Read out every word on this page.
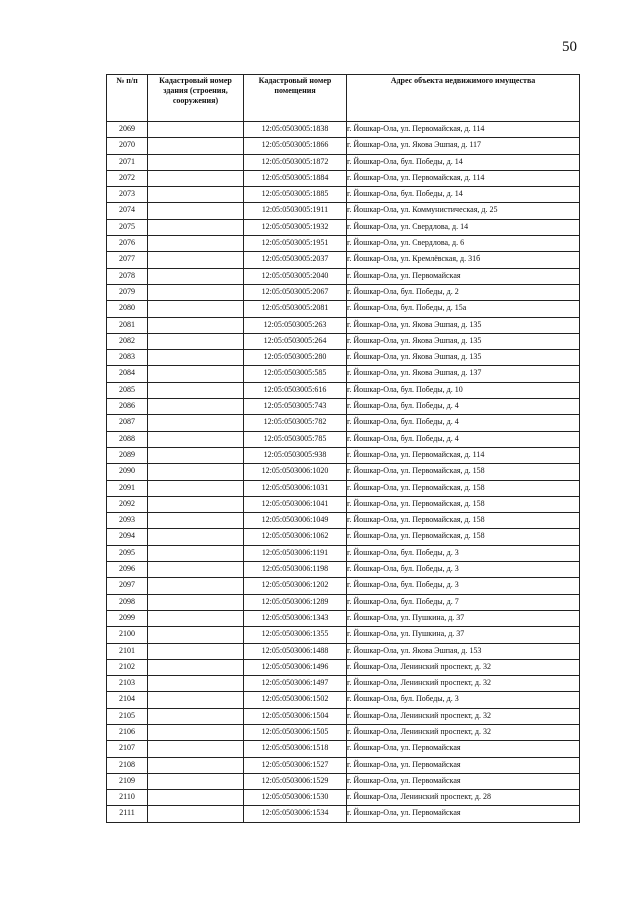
50
№ п/п	Кадастровый номер здания (строения, сооружения)	Кадастровый номер помещения	Адрес объекта недвижимого имущества
2069		12:05:0503005:1838	г. Йошкар-Ола, ул. Первомайская, д. 114
2070		12:05:0503005:1866	г. Йошкар-Ола, ул. Якова Эшпая, д. 117
2071		12:05:0503005:1872	г. Йошкар-Ола, бул. Победы, д. 14
2072		12:05:0503005:1884	г. Йошкар-Ола, ул. Первомайская, д. 114
2073		12:05:0503005:1885	г. Йошкар-Ола, бул. Победы, д. 14
2074		12:05:0503005:1911	г. Йошкар-Ола, ул. Коммунистическая, д. 25
2075		12:05:0503005:1932	г. Йошкар-Ола, ул. Свердлова, д. 14
2076		12:05:0503005:1951	г. Йошкар-Ола, ул. Свердлова, д. 6
2077		12:05:0503005:2037	г. Йошкар-Ола, ул. Кремлёвская, д. 31б
2078		12:05:0503005:2040	г. Йошкар-Ола, ул. Первомайская
2079		12:05:0503005:2067	г. Йошкар-Ола, бул. Победы, д. 2
2080		12:05:0503005:2081	г. Йошкар-Ола, бул. Победы, д. 15а
2081		12:05:0503005:263	г. Йошкар-Ола, ул. Якова Эшпая, д. 135
2082		12:05:0503005:264	г. Йошкар-Ола, ул. Якова Эшпая, д. 135
2083		12:05:0503005:280	г. Йошкар-Ола, ул. Якова Эшпая, д. 135
2084		12:05:0503005:585	г. Йошкар-Ола, ул. Якова Эшпая, д. 137
2085		12:05:0503005:616	г. Йошкар-Ола, бул. Победы, д. 10
2086		12:05:0503005:743	г. Йошкар-Ола, бул. Победы, д. 4
2087		12:05:0503005:782	г. Йошкар-Ола, бул. Победы, д. 4
2088		12:05:0503005:785	г. Йошкар-Ола, бул. Победы, д. 4
2089		12:05:0503005:938	г. Йошкар-Ола, ул. Первомайская, д. 114
2090		12:05:0503006:1020	г. Йошкар-Ола, ул. Первомайская, д. 158
2091		12:05:0503006:1031	г. Йошкар-Ола, ул. Первомайская, д. 158
2092		12:05:0503006:1041	г. Йошкар-Ола, ул. Первомайская, д. 158
2093		12:05:0503006:1049	г. Йошкар-Ола, ул. Первомайская, д. 158
2094		12:05:0503006:1062	г. Йошкар-Ола, ул. Первомайская, д. 158
2095		12:05:0503006:1191	г. Йошкар-Ола, бул. Победы, д. 3
2096		12:05:0503006:1198	г. Йошкар-Ола, бул. Победы, д. 3
2097		12:05:0503006:1202	г. Йошкар-Ола, бул. Победы, д. 3
2098		12:05:0503006:1289	г. Йошкар-Ола, бул. Победы, д. 7
2099		12:05:0503006:1343	г. Йошкар-Ола, ул. Пушкина, д. 37
2100		12:05:0503006:1355	г. Йошкар-Ола, ул. Пушкина, д. 37
2101		12:05:0503006:1488	г. Йошкар-Ола, ул. Якова Эшпая, д. 153
2102		12:05:0503006:1496	г. Йошкар-Ола, Ленинский проспект, д. 32
2103		12:05:0503006:1497	г. Йошкар-Ола, Ленинский проспект, д. 32
2104		12:05:0503006:1502	г. Йошкар-Ола, бул. Победы, д. 3
2105		12:05:0503006:1504	г. Йошкар-Ола, Ленинский проспект, д. 32
2106		12:05:0503006:1505	г. Йошкар-Ола, Ленинский проспект, д. 32
2107		12:05:0503006:1518	г. Йошкар-Ола, ул. Первомайская
2108		12:05:0503006:1527	г. Йошкар-Ола, ул. Первомайская
2109		12:05:0503006:1529	г. Йошкар-Ола, ул. Первомайская
2110		12:05:0503006:1530	г. Йошкар-Ола, Ленинский проспект, д. 28
2111		12:05:0503006:1534	г. Йошкар-Ола, ул. Первомайская
